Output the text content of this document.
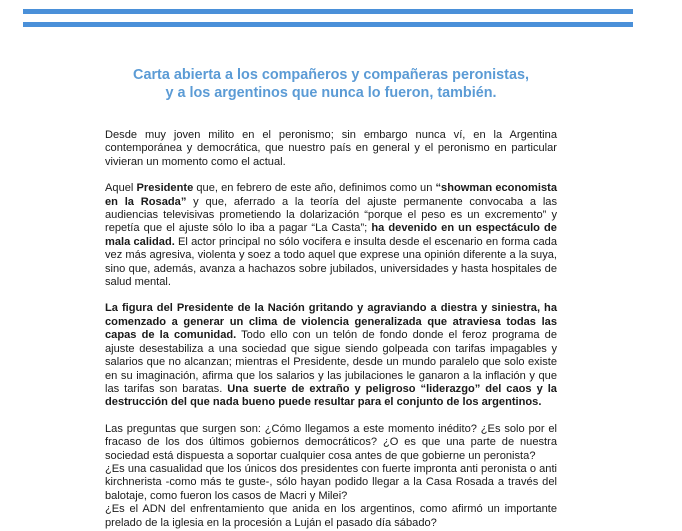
Carta abierta a los compañeros y compañeras peronistas,
y a los argentinos que nunca lo fueron, también.
Desde muy joven milito en el peronismo; sin embargo nunca ví, en la Argentina contemporánea y democrática, que nuestro país en general y el peronismo en particular vivieran un momento como el actual.
Aquel Presidente que, en febrero de este año, definimos como un “showman economista en la Rosada” y que, aferrado a la teoría del ajuste permanente convocaba a las audiencias televisivas prometiendo la dolarización “porque el peso es un excremento” y repetía que el ajuste sólo lo iba a pagar “La Casta”; ha devenido en un espectáculo de mala calidad. El actor principal no sólo vocifera e insulta desde el escenario en forma cada vez más agresiva, violenta y soez a todo aquel que exprese una opinión diferente a la suya, sino que, además, avanza a hachazos sobre jubilados, universidades y hasta hospitales de salud mental.
La figura del Presidente de la Nación gritando y agraviando a diestra y siniestra, ha comenzado a generar un clima de violencia generalizada que atraviesa todas las capas de la comunidad. Todo ello con un telón de fondo donde el feroz programa de ajuste desestabiliza a una sociedad que sigue siendo golpeada con tarifas impagables y salarios que no alcanzan; mientras el Presidente, desde un mundo paralelo que solo existe en su imaginación, afirma que los salarios y las jubilaciones le ganaron a la inflación y que las tarifas son baratas. Una suerte de extraño y peligroso “liderazgo” del caos y la destrucción del que nada bueno puede resultar para el conjunto de los argentinos.
Las preguntas que surgen son: ¿Cómo llegamos a este momento inédito? ¿Es solo por el fracaso de los dos últimos gobiernos democráticos? ¿O es que una parte de nuestra sociedad está dispuesta a soportar cualquier cosa antes de que gobierne un peronista?
¿Es una casualidad que los únicos dos presidentes con fuerte impronta anti peronista o anti kirchnerista -como más te guste-, sólo hayan podido llegar a la Casa Rosada a través del balotaje, como fueron los casos de Macri y Milei?
¿Es el ADN del enfrentamiento que anida en los argentinos, como afirmó un importante prelado de la iglesia en la procesión a Luján el pasado día sábado?
